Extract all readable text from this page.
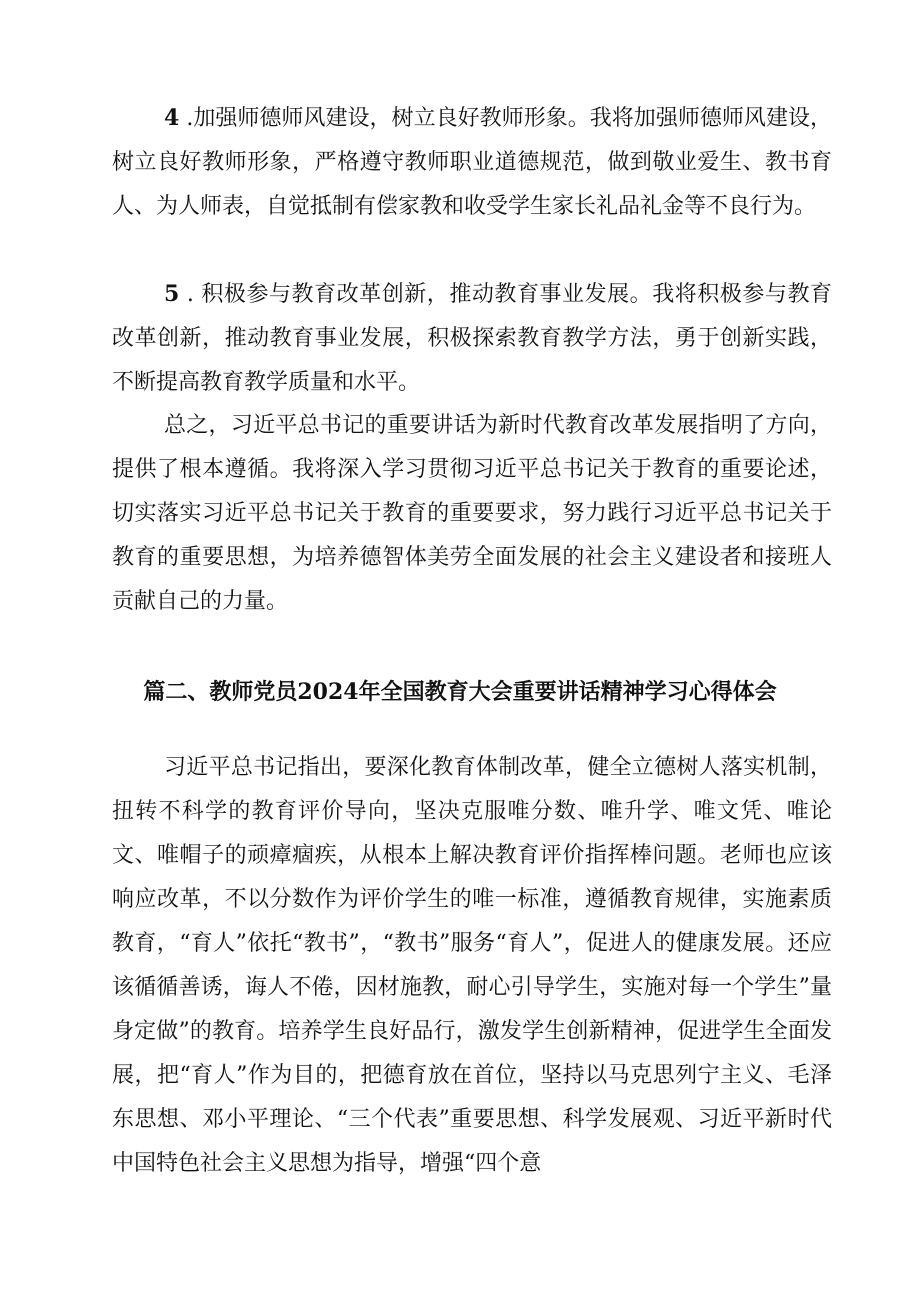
4 .加强师德师风建设，树立良好教师形象。我将加强师德师风建设，树立良好教师形象，严格遵守教师职业道德规范，做到敬业爱生、教书育人、为人师表，自觉抵制有偿家教和收受学生家长礼品礼金等不良行为。

5 . 积极参与教育改革创新，推动教育事业发展。我将积极参与教育改革创新，推动教育事业发展，积极探索教育教学方法，勇于创新实践，不断提高教育教学质量和水平。

总之，习近平总书记的重要讲话为新时代教育改革发展指明了方向，提供了根本遵循。我将深入学习贯彻习近平总书记关于教育的重要论述，切实落实习近平总书记关于教育的重要要求，努力践行习近平总书记关于教育的重要思想，为培养德智体美劳全面发展的社会主义建设者和接班人贡献自己的力量。

篇二、教师党员2024年全国教育大会重要讲话精神学习心得体会

习近平总书记指出，要深化教育体制改革，健全立德树人落实机制，扭转不科学的教育评价导向，坚决克服唯分数、唯升学、唯文凭、唯论文、唯帽子的顽瘴痼疾，从根本上解决教育评价指挥棒问题。老师也应该响应改革，不以分数作为评价学生的唯一标准，遵循教育规律，实施素质教育，“育人”依托“教书”，“教书”服务“育人”，促进人的健康发展。还应该循循善诱，诲人不倦，因材施教，耐心引导学生，实施对每一个学生”量身定做”的教育。培养学生良好品行，激发学生创新精神，促进学生全面发展，把“育人”作为目的，把德育放在首位，坚持以马克思列宁主义、毛泽东思想、邓小平理论、“三个代表”重要思想、科学发展观、习近平新时代中国特色社会主义思想为指导，增强“四个意
